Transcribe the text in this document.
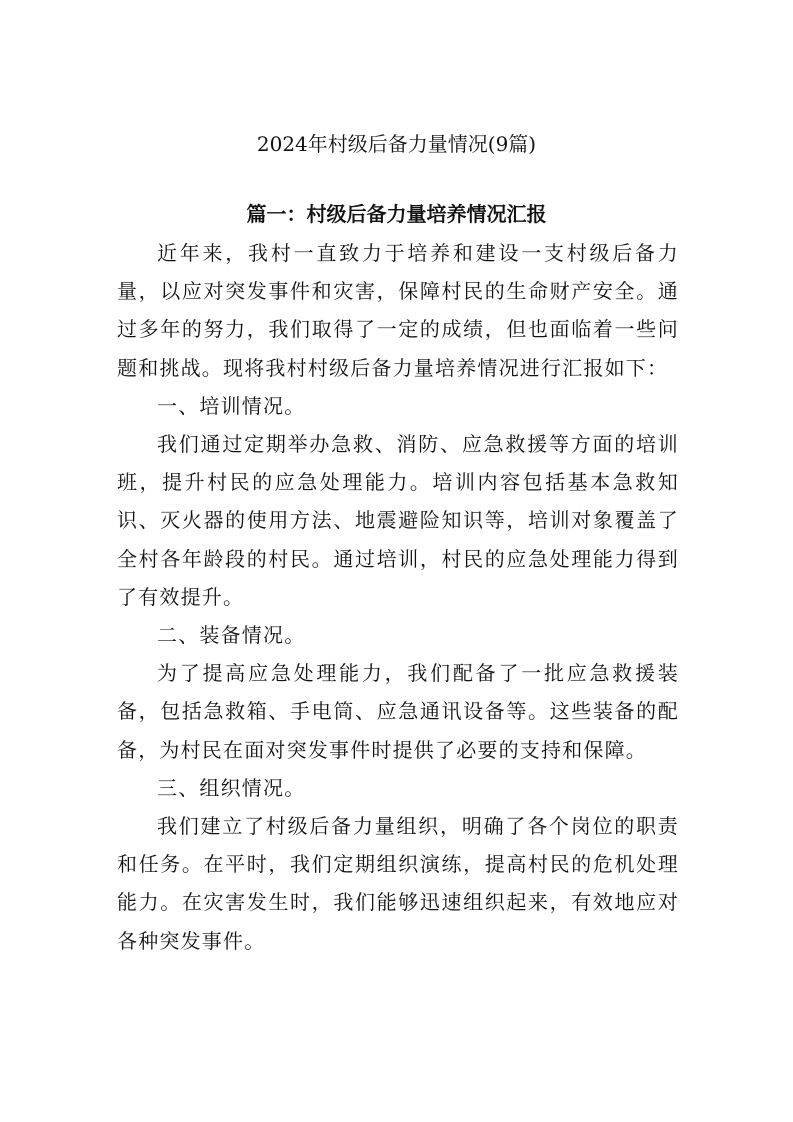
2024年村级后备力量情况(9篇)
篇一：村级后备力量培养情况汇报

近年来，我村一直致力于培养和建设一支村级后备力量，以应对突发事件和灾害，保障村民的生命财产安全。通过多年的努力，我们取得了一定的成绩，但也面临着一些问题和挑战。现将我村村级后备力量培养情况进行汇报如下：

一、培训情况。

我们通过定期举办急救、消防、应急救援等方面的培训班，提升村民的应急处理能力。培训内容包括基本急救知识、灭火器的使用方法、地震避险知识等，培训对象覆盖了全村各年龄段的村民。通过培训，村民的应急处理能力得到了有效提升。

二、装备情况。

为了提高应急处理能力，我们配备了一批应急救援装备，包括急救箱、手电筒、应急通讯设备等。这些装备的配备，为村民在面对突发事件时提供了必要的支持和保障。

三、组织情况。

我们建立了村级后备力量组织，明确了各个岗位的职责和任务。在平时，我们定期组织演练，提高村民的危机处理能力。在灾害发生时，我们能够迅速组织起来，有效地应对各种突发事件。
